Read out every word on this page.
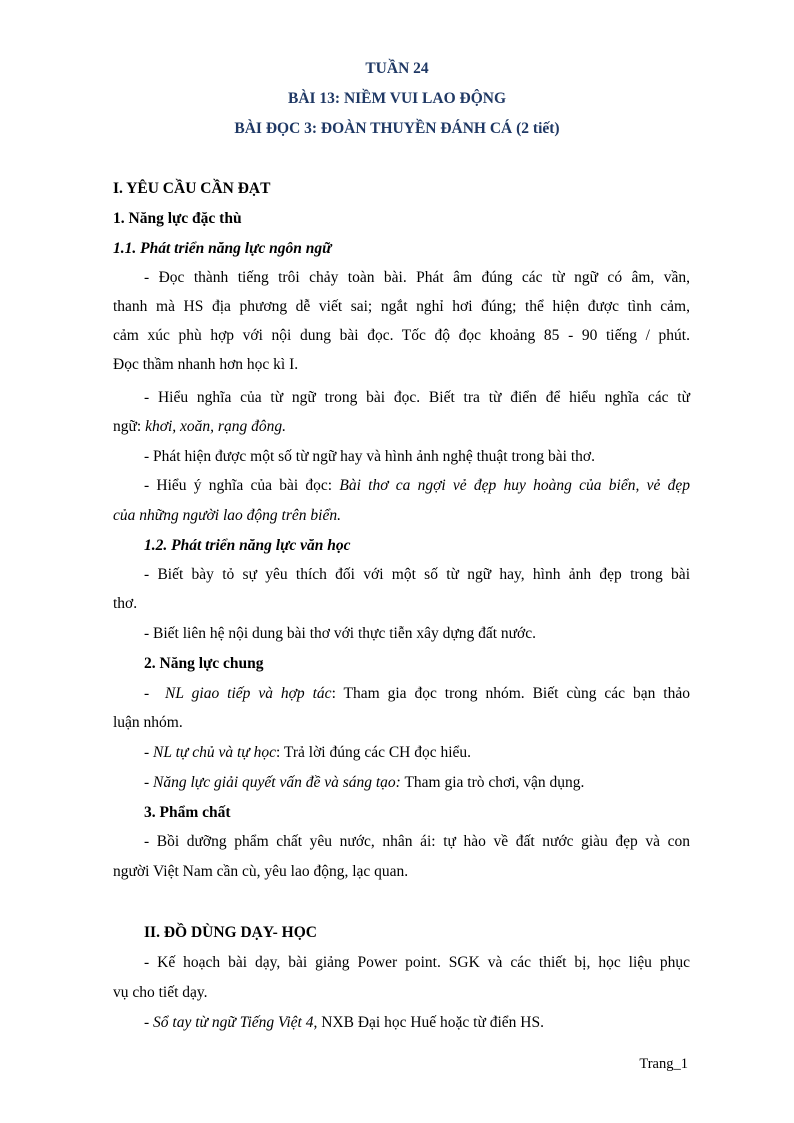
TUẦN 24
BÀI 13: NIỀM VUI LAO ĐỘNG
BÀI ĐỌC 3: ĐOÀN THUYỀN ĐÁNH CÁ (2 tiết)
I. YÊU CẦU CẦN ĐẠT
1. Năng lực đặc thù
1.1. Phát triển năng lực ngôn ngữ
- Đọc thành tiếng trôi chảy toàn bài. Phát âm đúng các từ ngữ có âm, vần,
thanh mà HS địa phương dễ viết sai; ngắt nghỉ hơi đúng; thể hiện được tình cảm,
cảm xúc phù hợp với nội dung bài đọc. Tốc độ đọc khoảng 85 - 90 tiếng / phút.
Đọc thầm nhanh hơn học kì I.
- Hiểu nghĩa của từ ngữ trong bài đọc. Biết tra từ điển để hiểu nghĩa các từ
ngữ: khơi, xoăn, rạng đông.
- Phát hiện được một số từ ngữ hay và hình ảnh nghệ thuật trong bài thơ.
- Hiểu ý nghĩa của bài đọc: Bài thơ ca ngợi vẻ đẹp huy hoàng của biển, vẻ đẹp
của những người lao động trên biển.
1.2. Phát triển năng lực văn học
- Biết bày tỏ sự yêu thích đối với một số từ ngữ hay, hình ảnh đẹp trong bài
thơ.
- Biết liên hệ nội dung bài thơ với thực tiễn xây dựng đất nước.
2. Năng lực chung
-  NL giao tiếp và hợp tác: Tham gia đọc trong nhóm. Biết cùng các bạn thảo
luận nhóm.
- NL tự chủ và tự học: Trả lời đúng các CH đọc hiểu.
- Năng lực giải quyết vấn đề và sáng tạo: Tham gia trò chơi, vận dụng.
3. Phẩm chất
- Bồi dưỡng phẩm chất yêu nước, nhân ái: tự hào về đất nước giàu đẹp và con
người Việt Nam cần cù, yêu lao động, lạc quan.
II. ĐỒ DÙNG DẠY- HỌC
- Kế hoạch bài dạy, bài giảng Power point. SGK và các thiết bị, học liệu phục
vụ cho tiết dạy.
- Sổ tay từ ngữ Tiếng Việt 4, NXB Đại học Huế hoặc từ điển HS.
Trang_1
